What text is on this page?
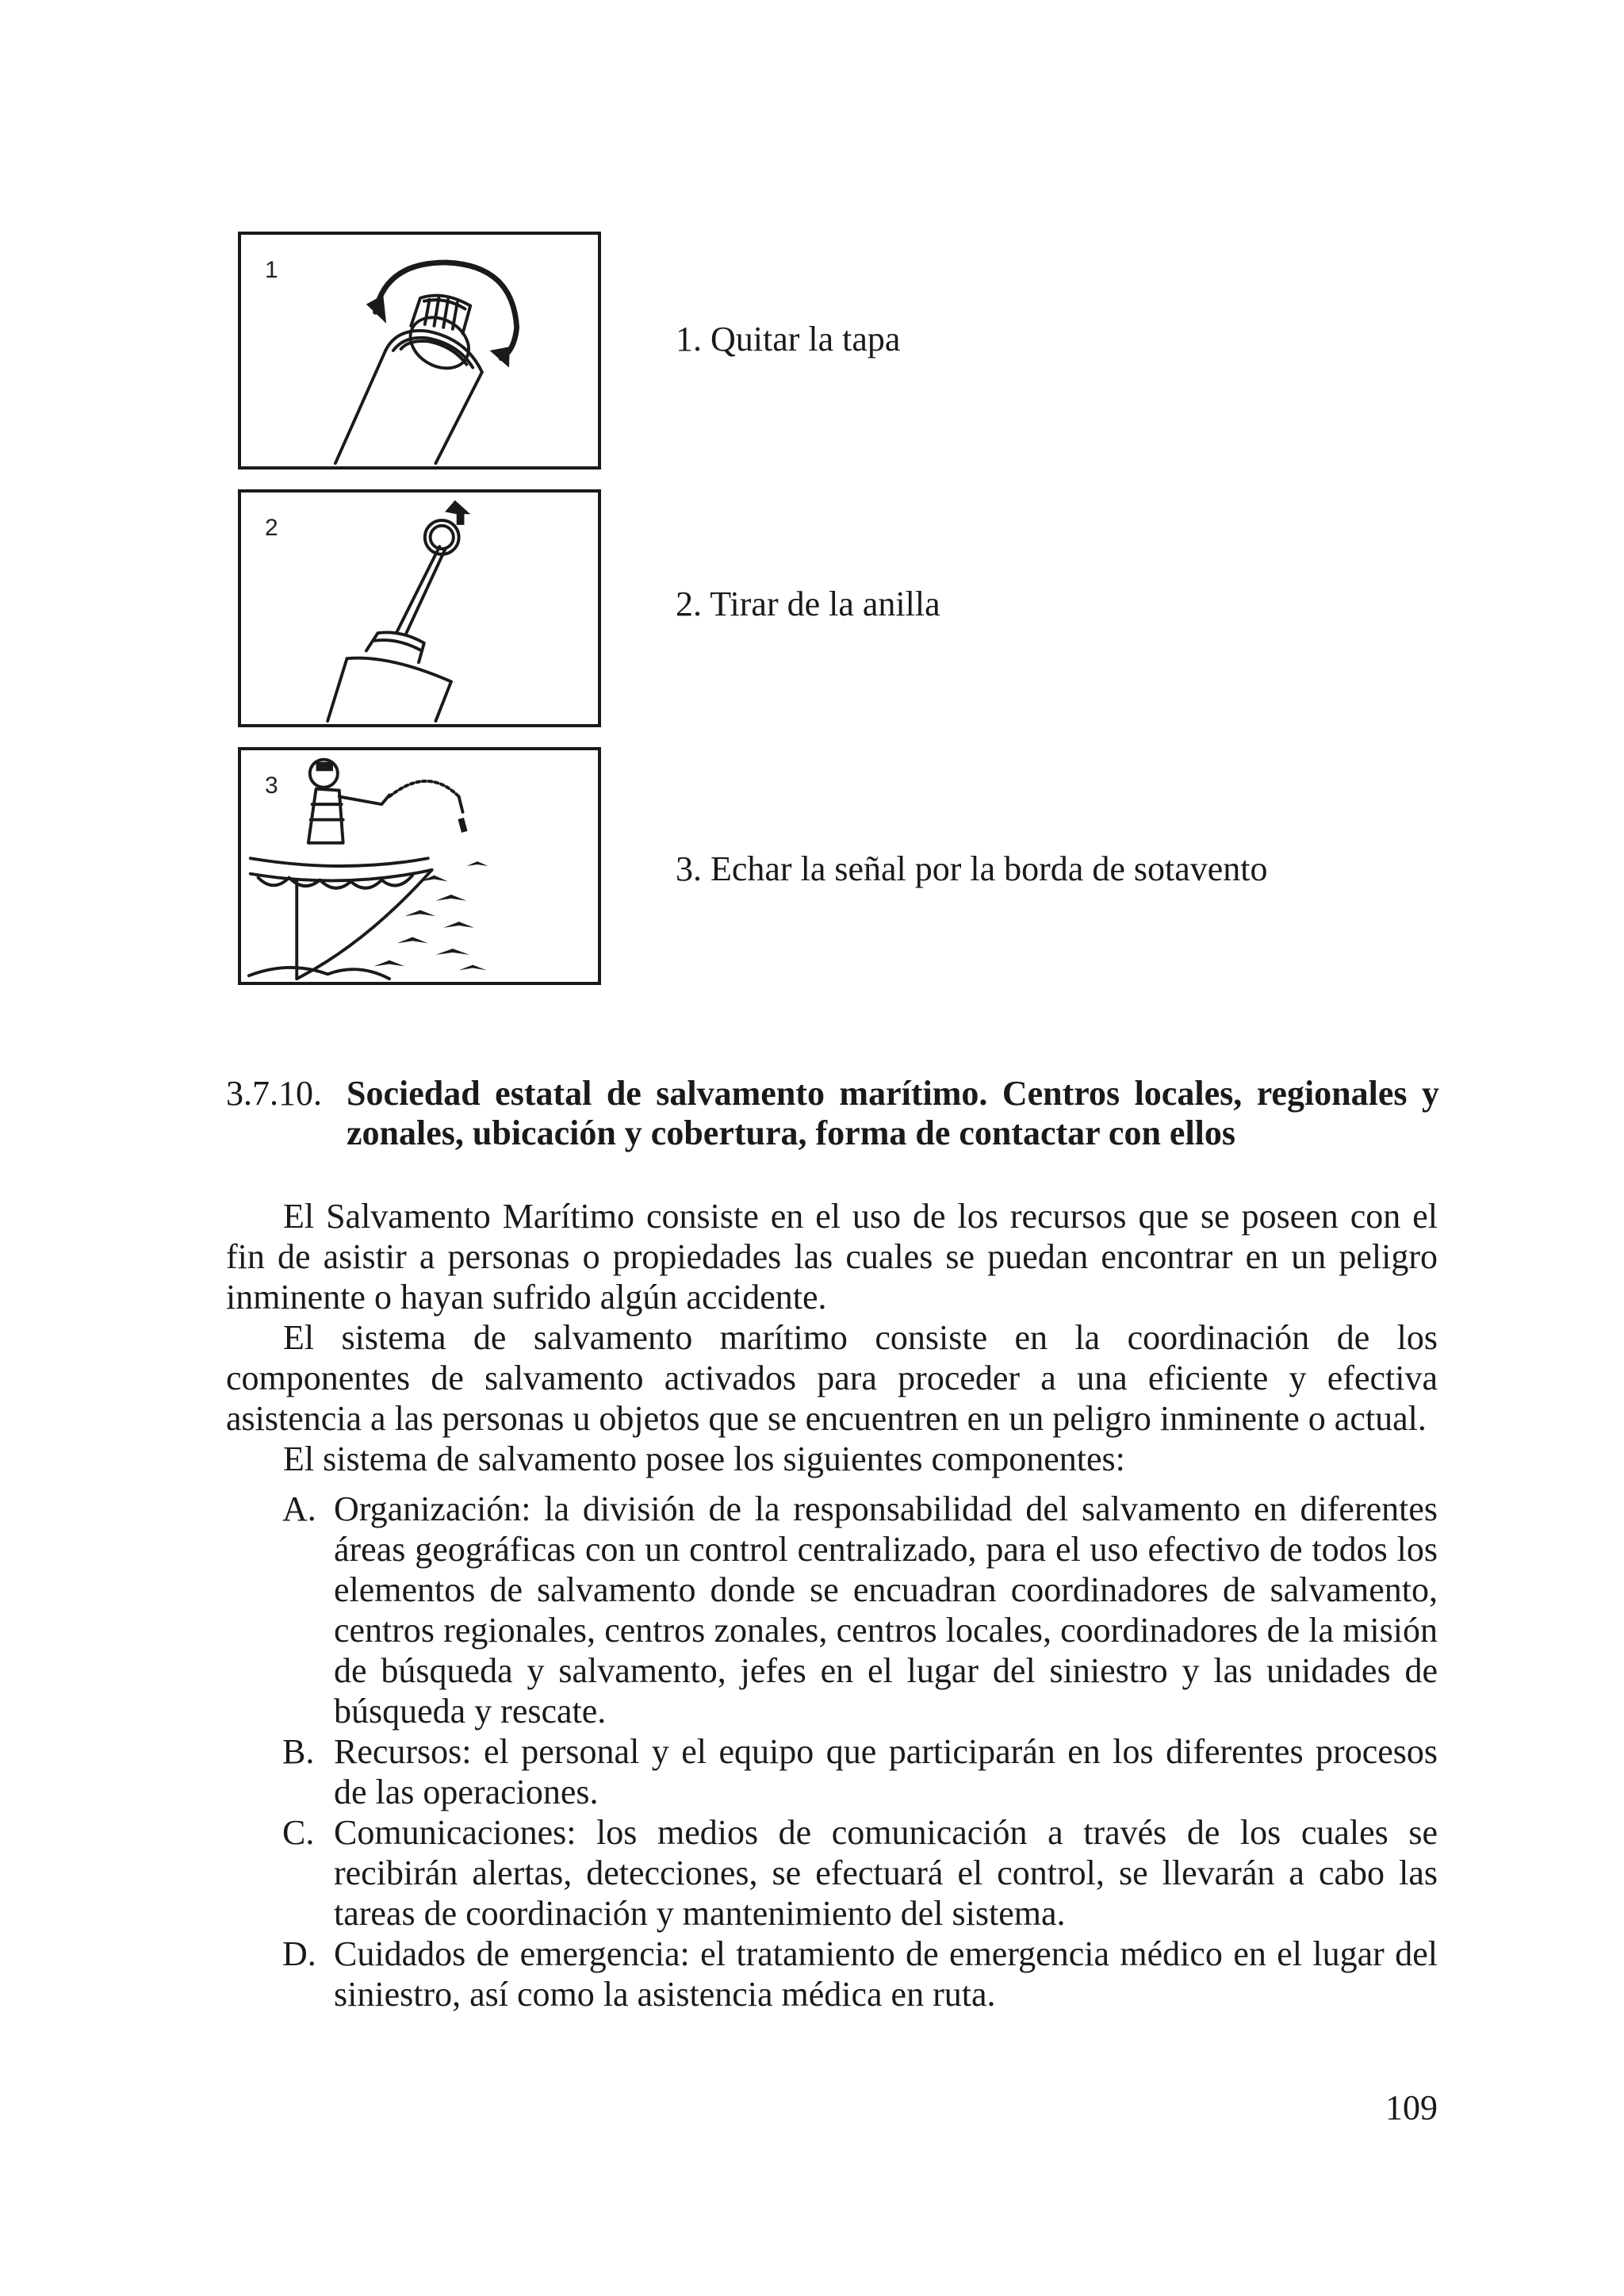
1
1. Quitar la tapa
2
2. Tirar de la anilla
3
3. Echar la señal por la borda de sotavento
3.7.10. Sociedad estatal de salvamento marítimo. Centros locales, regionales y zonales, ubicación y cobertura, forma de contactar con ellos

El Salvamento Marítimo consiste en el uso de los recursos que se poseen con el fin de asistir a personas o propiedades las cuales se puedan encontrar en un peligro inminente o hayan sufrido algún accidente.

El sistema de salvamento marítimo consiste en la coordinación de los componentes de salvamento activados para proceder a una eficiente y efectiva asistencia a las personas u objetos que se encuentren en un peligro inminente o actual.

El sistema de salvamento posee los siguientes componentes:

A. Organización: la división de la responsabilidad del salvamento en diferentes áreas geográficas con un control centralizado, para el uso efectivo de todos los elementos de salvamento donde se encuadran coordinadores de salvamento, centros regionales, centros zonales, centros locales, coordinadores de la misión de búsqueda y salvamento, jefes en el lugar del siniestro y las unidades de búsqueda y rescate.
B. Recursos: el personal y el equipo que participarán en los diferentes procesos de las operaciones.
C. Comunicaciones: los medios de comunicación a través de los cuales se recibirán alertas, detecciones, se efectuará el control, se llevarán a cabo las tareas de coordinación y mantenimiento del sistema.
D. Cuidados de emergencia: el tratamiento de emergencia médico en el lugar del siniestro, así como la asistencia médica en ruta.
109
